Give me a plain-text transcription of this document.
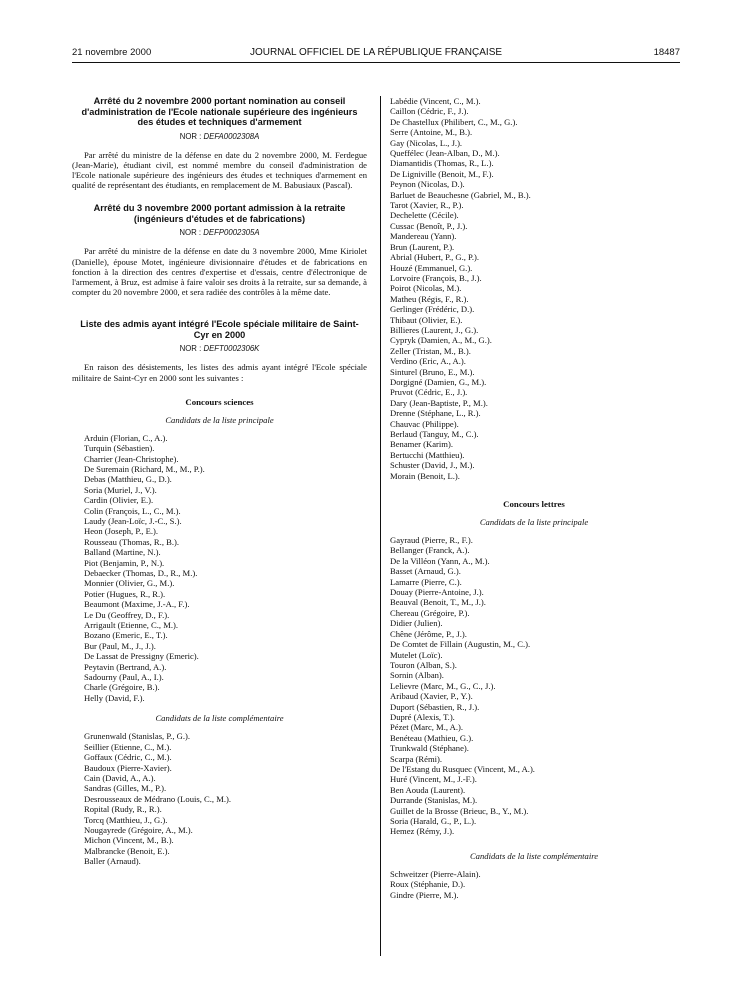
21 novembre 2000	JOURNAL OFFICIEL DE LA RÉPUBLIQUE FRANÇAISE	18487
Arrêté du 2 novembre 2000 portant nomination au conseil d'administration de l'Ecole nationale supérieure des ingénieurs des études et techniques d'armement
NOR : DEFA0002308A

Par arrêté du ministre de la défense en date du 2 novembre 2000, M. Ferdegue (Jean-Marie), étudiant civil, est nommé membre du conseil d'administration de l'Ecole nationale supérieure des ingénieurs des études et techniques d'armement en qualité de représentant des étudiants, en remplacement de M. Babusiaux (Pascal).

Arrêté du 3 novembre 2000 portant admission à la retraite (ingénieurs d'études et de fabrications)
NOR : DEFP0002305A

Par arrêté du ministre de la défense en date du 3 novembre 2000, Mme Kiriolet (Danielle), épouse Motet, ingénieure divisionnaire d'études et de fabrications en fonction à la direction des centres d'expertise et d'essais, centre d'électronique de l'armement, à Bruz, est admise à faire valoir ses droits à la retraite, sur sa demande, à compter du 20 novembre 2000, et sera radiée des contrôles à la même date.

Liste des admis ayant intégré l'Ecole spéciale militaire de Saint-Cyr en 2000
NOR : DEFT0002306K

En raison des désistements, les listes des admis ayant intégré l'Ecole spéciale militaire de Saint-Cyr en 2000 sont les suivantes :

Concours sciences
Candidats de la liste principale
Arduin (Florian, C., A.).
Turquin (Sébastien).
Charrier (Jean-Christophe).
De Suremain (Richard, M., M., P.).
Debas (Matthieu, G., D.).
Soria (Muriel, J., V.).
Cardin (Olivier, E.).
Colin (François, L., C., M.).
Laudy (Jean-Loïc, J.-C., S.).
Heon (Joseph, P., E.).
Rousseau (Thomas, R., B.).
Balland (Martine, N.).
Piot (Benjamin, P., N.).
Debaecker (Thomas, D., R., M.).
Monnier (Olivier, G., M.).
Potier (Hugues, R., R.).
Beaumont (Maxime, J.-A., F.).
Le Du (Geoffrey, D., F.).
Arrigault (Etienne, C., M.).
Bozano (Emeric, E., T.).
Bur (Paul, M., J., J.).
De Lassat de Pressigny (Emeric).
Peytavin (Bertrand, A.).
Sadourny (Paul, A., I.).
Charle (Grégoire, B.).
Helly (David, F.).
Candidats de la liste complémentaire
Grunenwald (Stanislas, P., G.).
Seillier (Etienne, C., M.).
Goffaux (Cédric, C., M.).
Baudoux (Pierre-Xavier).
Cain (David, A., A.).
Sandras (Gilles, M., P.).
Desrousseaux de Médrano (Louis, C., M.).
Ropital (Rudy, R., R.).
Torcq (Matthieu, J., G.).
Nougayrede (Grégoire, A., M.).
Michon (Vincent, M., B.).
Malbrancke (Benoit, E.).
Baller (Arnaud).
Labédie (Vincent, C., M.).
Caillon (Cédric, F., J.).
De Chastellux (Philibert, C., M., G.).
Serre (Antoine, M., B.).
Gay (Nicolas, L., J.).
Queffélec (Jean-Alban, D., M.).
Diamantidis (Thomas, R., L.).
De Ligniville (Benoit, M., F.).
Peynon (Nicolas, D.).
Barluet de Beauchesne (Gabriel, M., B.).
Tarot (Xavier, R., P.).
Dechelette (Cécile).
Cussac (Benoît, P., J.).
Mandereau (Yann).
Brun (Laurent, P.).
Abrial (Hubert, P., G., P.).
Houzé (Emmanuel, G.).
Lorvoire (François, B., J.).
Poirot (Nicolas, M.).
Matheu (Régis, F., R.).
Gerlinger (Frédéric, D.).
Thibaut (Olivier, E.).
Billieres (Laurent, J., G.).
Cypryk (Damien, A., M., G.).
Zeller (Tristan, M., B.).
Verdino (Eric, A., A.).
Sinturel (Bruno, E., M.).
Dorgigné (Damien, G., M.).
Pruvot (Cédric, E., J.).
Dary (Jean-Baptiste, P., M.).
Drenne (Stéphane, L., R.).
Chauvac (Philippe).
Berlaud (Tanguy, M., C.).
Benamer (Karim).
Bertucchi (Matthieu).
Schuster (David, J., M.).
Morain (Benoit, L.).
Concours lettres
Candidats de la liste principale
Gayraud (Pierre, R., F.).
Bellanger (Franck, A.).
De la Villéon (Yann, A., M.).
Basset (Arnaud, G.).
Lamarre (Pierre, C.).
Douay (Pierre-Antoine, J.).
Beauval (Benoit, T., M., J.).
Chereau (Grégoire, P.).
Didier (Julien).
Chêne (Jérôme, P., J.).
De Comtet de Fillain (Augustin, M., C.).
Mutelet (Loïc).
Touron (Alban, S.).
Sornin (Alban).
Lelievre (Marc, M., G., C., J.).
Aribaud (Xavier, P., Y.).
Duport (Sébastien, R., J.).
Dupré (Alexis, T.).
Pézet (Marc, M., A.).
Benéteau (Mathieu, G.).
Trunkwald (Stéphane).
Scarpa (Rémi).
De l'Estang du Rusquec (Vincent, M., A.).
Huré (Vincent, M., J.-F.).
Ben Aouda (Laurent).
Durrande (Stanislas, M.).
Guillet de la Brosse (Brieuc, B., Y., M.).
Soria (Harald, G., P., L.).
Hemez (Rémy, J.).
Candidats de la liste complémentaire
Schweitzer (Pierre-Alain).
Roux (Stéphanie, D.).
Gindre (Pierre, M.).
